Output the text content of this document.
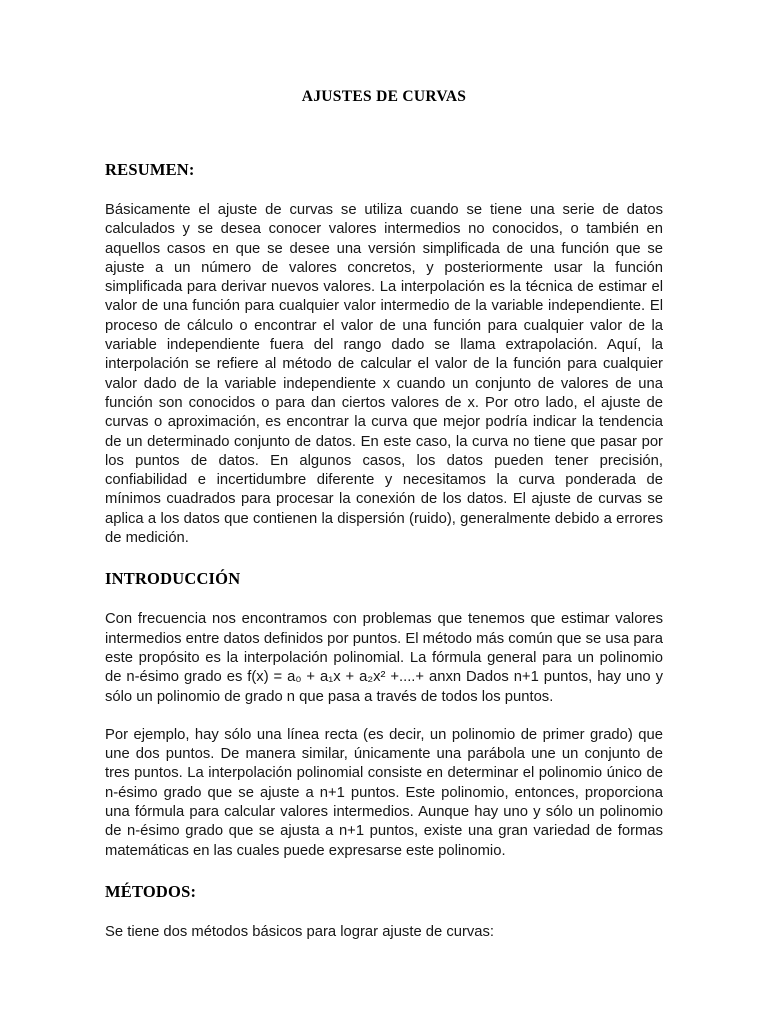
AJUSTES DE CURVAS
RESUMEN:

Básicamente el ajuste de curvas se utiliza cuando se tiene una serie de datos calculados y se desea conocer valores intermedios no conocidos, o también en aquellos casos en que se desee una versión simplificada de una función que se ajuste a un número de valores concretos, y posteriormente usar la función simplificada para derivar nuevos valores. La interpolación es la técnica de estimar el valor de una función para cualquier valor intermedio de la variable independiente. El proceso de cálculo o encontrar el valor de una función para cualquier valor de la variable independiente fuera del rango dado se llama extrapolación. Aquí, la interpolación se refiere al método de calcular el valor de la función para cualquier valor dado de la variable independiente x cuando un conjunto de valores de una función son conocidos o para dan ciertos valores de x. Por otro lado, el ajuste de curvas o aproximación, es encontrar la curva que mejor podría indicar la tendencia de un determinado conjunto de datos. En este caso, la curva no tiene que pasar por los puntos de datos. En algunos casos, los datos pueden tener precisión, confiabilidad e incertidumbre diferente y necesitamos la curva ponderada de mínimos cuadrados para procesar la conexión de los datos. El ajuste de curvas se aplica a los datos que contienen la dispersión (ruido), generalmente debido a errores de medición.

INTRODUCCIÓN

Con frecuencia nos encontramos con problemas que tenemos que estimar valores intermedios entre datos definidos por puntos. El método más común que se usa para este propósito es la interpolación polinomial. La fórmula general para un polinomio de n-ésimo grado es f(x) = a₀ + a₁x + a₂x² +....+ anxn Dados n+1 puntos, hay uno y sólo un polinomio de grado n que pasa a través de todos los puntos.

Por ejemplo, hay sólo una línea recta (es decir, un polinomio de primer grado) que une dos puntos. De manera similar, únicamente una parábola une un conjunto de tres puntos. La interpolación polinomial consiste en determinar el polinomio único de n-ésimo grado que se ajuste a n+1 puntos. Este polinomio, entonces, proporciona una fórmula para calcular valores intermedios. Aunque hay uno y sólo un polinomio de n-ésimo grado que se ajusta a n+1 puntos, existe una gran variedad de formas matemáticas en las cuales puede expresarse este polinomio.

MÉTODOS:

Se tiene dos métodos básicos para lograr ajuste de curvas:
